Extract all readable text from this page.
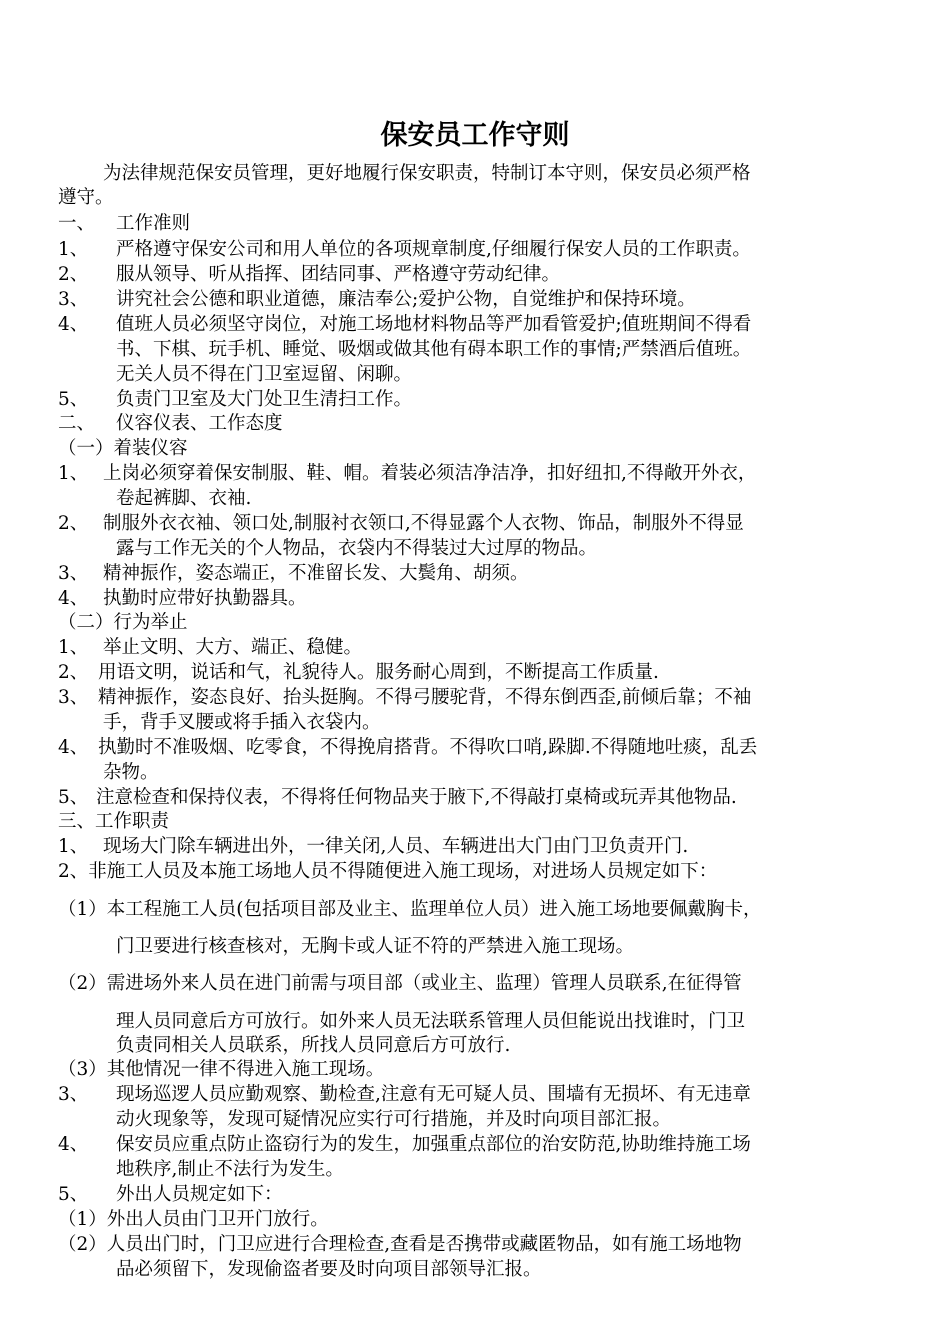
保安员工作守则
为法律规范保安员管理，更好地履行保安职责，特制订本守则，保安员必须严格
遵守。
一、 工作准则
1、 严格遵守保安公司和用人单位的各项规章制度,仔细履行保安人员的工作职责。
2、 服从领导、听从指挥、团结同事、严格遵守劳动纪律。
3、 讲究社会公德和职业道德，廉洁奉公;爱护公物，自觉维护和保持环境。
4、 值班人员必须坚守岗位，对施工场地材料物品等严加看管爱护;值班期间不得看
书、下棋、玩手机、睡觉、吸烟或做其他有碍本职工作的事情;严禁酒后值班。
无关人员不得在门卫室逗留、闲聊。
5、 负责门卫室及大门处卫生清扫工作。
二、 仪容仪表、工作态度
（一）着装仪容
1、 上岗必须穿着保安制服、鞋、帽。着装必须洁净洁净，扣好纽扣,不得敞开外衣，
卷起裤脚、衣袖.
2、 制服外衣衣袖、领口处,制服衬衣领口,不得显露个人衣物、饰品，制服外不得显
露与工作无关的个人物品，衣袋内不得装过大过厚的物品。
3、 精神振作，姿态端正，不准留长发、大鬓角、胡须。
4、 执勤时应带好执勤器具。
（二）行为举止
1、 举止文明、大方、端正、稳健。
2、 用语文明，说话和气，礼貌待人。服务耐心周到，不断提高工作质量.
3、 精神振作，姿态良好、抬头挺胸。不得弓腰驼背，不得东倒西歪,前倾后靠；不袖
手，背手叉腰或将手插入衣袋内。
4、 执勤时不准吸烟、吃零食，不得挽肩搭背。不得吹口哨,跺脚.不得随地吐痰，乱丢
杂物。
5、 注意检查和保持仪表，不得将任何物品夹于腋下,不得敲打桌椅或玩弄其他物品.
三、工作职责
1、 现场大门除车辆进出外，一律关闭,人员、车辆进出大门由门卫负责开门.
2、非施工人员及本施工场地人员不得随便进入施工现场，对进场人员规定如下：
（1）本工程施工人员(包括项目部及业主、监理单位人员）进入施工场地要佩戴胸卡，
门卫要进行核查核对，无胸卡或人证不符的严禁进入施工现场。
（2）需进场外来人员在进门前需与项目部（或业主、监理）管理人员联系,在征得管
理人员同意后方可放行。如外来人员无法联系管理人员但能说出找谁时，门卫
负责同相关人员联系，所找人员同意后方可放行.
（3）其他情况一律不得进入施工现场。
3、 现场巡逻人员应勤观察、勤检查,注意有无可疑人员、围墙有无损坏、有无违章
动火现象等，发现可疑情况应实行可行措施，并及时向项目部汇报。
4、 保安员应重点防止盗窃行为的发生，加强重点部位的治安防范,协助维持施工场
地秩序,制止不法行为发生。
5、 外出人员规定如下：
（1）外出人员由门卫开门放行。
（2）人员出门时，门卫应进行合理检查,查看是否携带或藏匿物品，如有施工场地物
品必须留下，发现偷盗者要及时向项目部领导汇报。
